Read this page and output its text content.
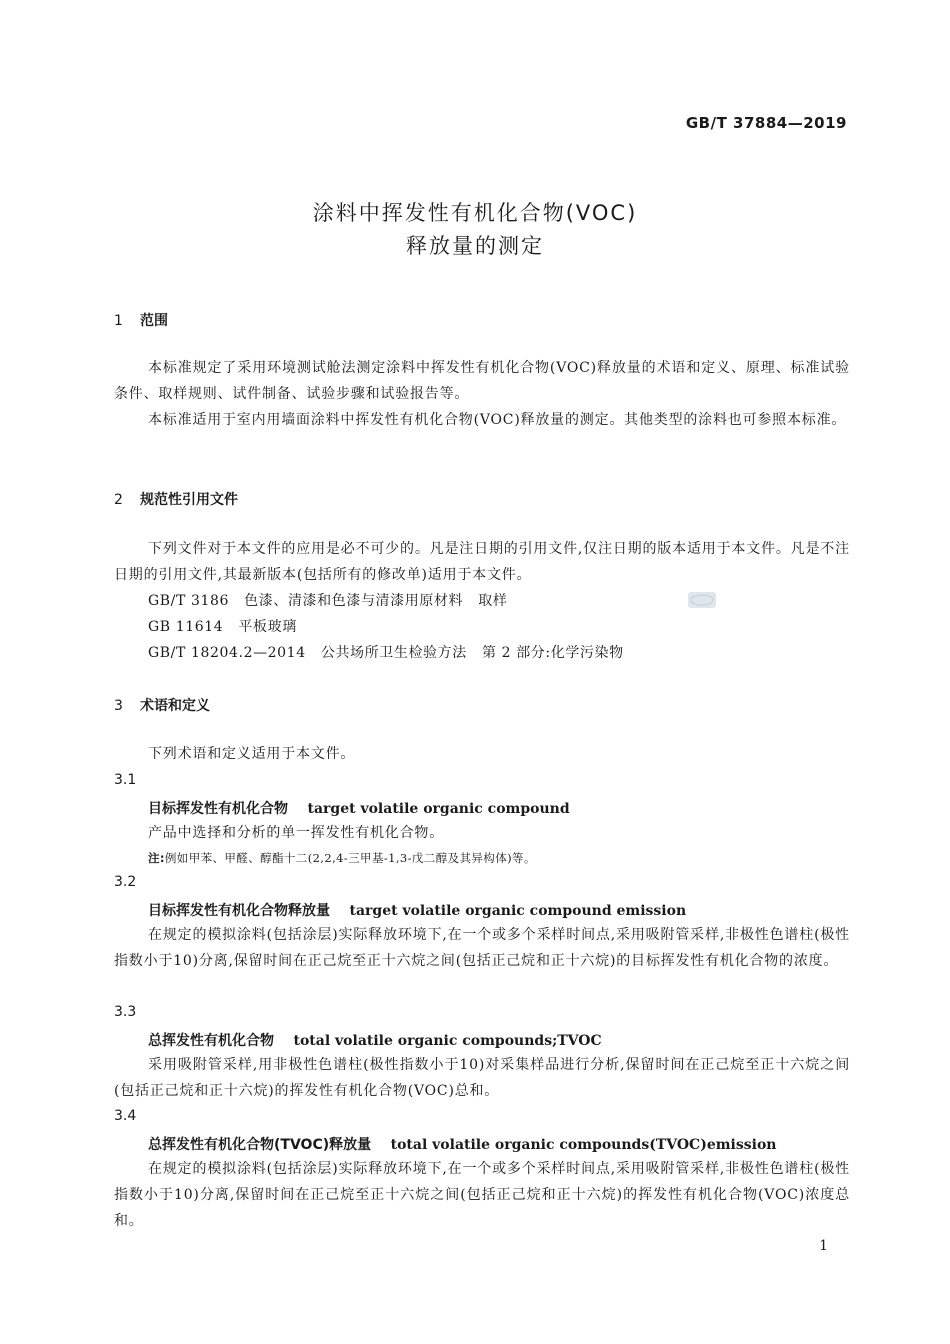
GB/T 37884—2019
涂料中挥发性有机化合物(VOC)
释放量的测定
1 范围
本标准规定了采用环境测试舱法测定涂料中挥发性有机化合物(VOC)释放量的术语和定义、原理、标准试验条件、取样规则、试件制备、试验步骤和试验报告等。
本标准适用于室内用墙面涂料中挥发性有机化合物(VOC)释放量的测定。其他类型的涂料也可参照本标准。
2 规范性引用文件
下列文件对于本文件的应用是必不可少的。凡是注日期的引用文件,仅注日期的版本适用于本文件。凡是不注日期的引用文件,其最新版本(包括所有的修改单)适用于本文件。
GB/T 3186   色漆、清漆和色漆与清漆用原材料   取样
GB 11614   平板玻璃
GB/T 18204.2—2014   公共场所卫生检验方法   第 2 部分:化学污染物
3 术语和定义
下列术语和定义适用于本文件。
3.1
目标挥发性有机化合物 target volatile organic compound
产品中选择和分析的单一挥发性有机化合物。
注:例如甲苯、甲醛、醇酯十二(2,2,4-三甲基-1,3-戊二醇及其异构体)等。
3.2
目标挥发性有机化合物释放量 target volatile organic compound emission
在规定的模拟涂料(包括涂层)实际释放环境下,在一个或多个采样时间点,采用吸附管采样,非极性色谱柱(极性指数小于10)分离,保留时间在正己烷至正十六烷之间(包括正己烷和正十六烷)的目标挥发性有机化合物的浓度。
3.3
总挥发性有机化合物 total volatile organic compounds;TVOC
采用吸附管采样,用非极性色谱柱(极性指数小于10)对采集样品进行分析,保留时间在正己烷至正十六烷之间(包括正己烷和正十六烷)的挥发性有机化合物(VOC)总和。
3.4
总挥发性有机化合物(TVOC)释放量 total volatile organic compounds(TVOC)emission
在规定的模拟涂料(包括涂层)实际释放环境下,在一个或多个采样时间点,采用吸附管采样,非极性色谱柱(极性指数小于10)分离,保留时间在正己烷至正十六烷之间(包括正己烷和正十六烷)的挥发性有机化合物(VOC)浓度总和。
1
